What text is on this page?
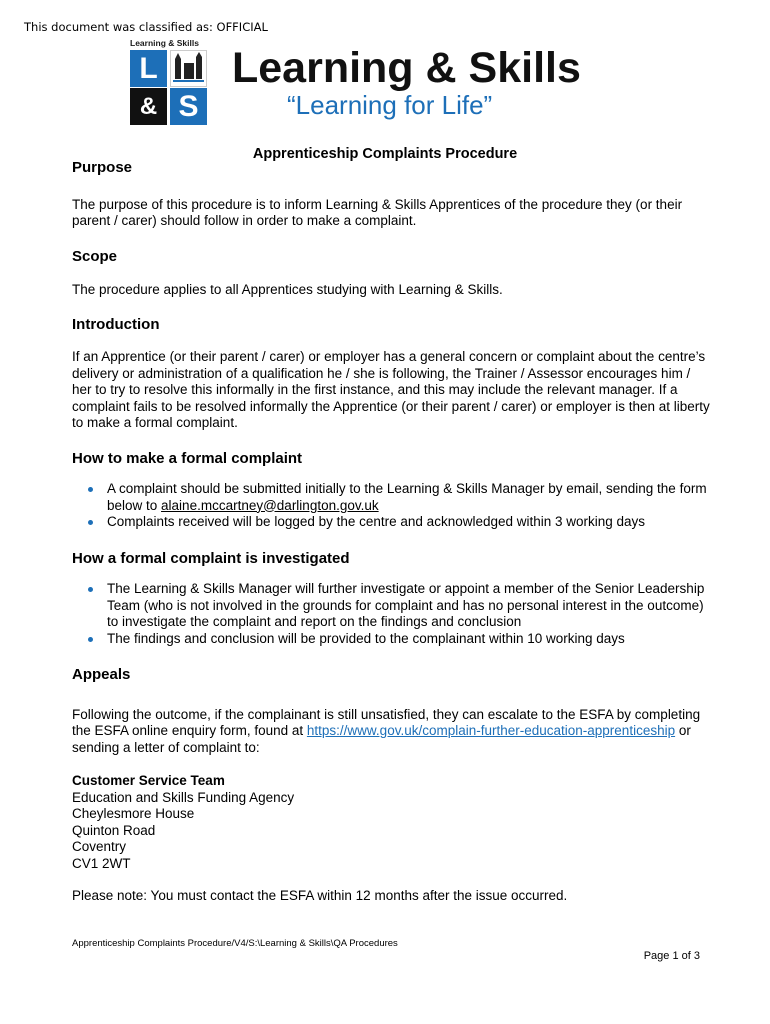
This document was classified as: OFFICIAL
Learning & Skills
L
& S
Learning & Skills
“Learning for Life”
Apprenticeship Complaints Procedure
Purpose

The purpose of this procedure is to inform Learning & Skills Apprentices of the procedure they (or their parent / carer) should follow in order to make a complaint.

Scope

The procedure applies to all Apprentices studying with Learning & Skills.

Introduction

If an Apprentice (or their parent / carer) or employer has a general concern or complaint about the centre’s delivery or administration of a qualification he / she is following, the Trainer / Assessor encourages him / her to try to resolve this informally in the first instance, and this may include the relevant manager. If a complaint fails to be resolved informally the Apprentice (or their parent / carer) or employer is then at liberty to make a formal complaint.

How to make a formal complaint
A complaint should be submitted initially to the Learning & Skills Manager by email, sending the form below to alaine.mccartney@darlington.gov.uk
Complaints received will be logged by the centre and acknowledged within 3 working days
How a formal complaint is investigated
The Learning & Skills Manager will further investigate or appoint a member of the Senior Leadership Team (who is not involved in the grounds for complaint and has no personal interest in the outcome) to investigate the complaint and report on the findings and conclusion
The findings and conclusion will be provided to the complainant within 10 working days
Appeals

Following the outcome, if the complainant is still unsatisfied, they can escalate to the ESFA by completing the ESFA online enquiry form, found at https://www.gov.uk/complain-further-education-apprenticeship or sending a letter of complaint to:

Customer Service Team
Education and Skills Funding Agency
Cheylesmore House
Quinton Road
Coventry
CV1 2WT

Please note: You must contact the ESFA within 12 months after the issue occurred.

Apprenticeship Complaints Procedure/V4/S:\Learning & Skills\QA Procedures
Page 1 of 3
